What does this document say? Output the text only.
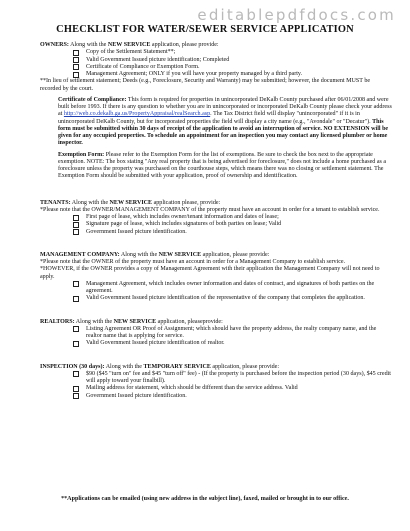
editablepdfdocs.com
CHECKLIST FOR WATER/SEWER SERVICE APPLICATION

OWNERS: Along with the NEW SERVICE application, please provide:

Copy of the Settlement Statement**;
Valid Government Issued picture identification; Completed
Certificate of Compliance or Exemption Form.
Management Agreement; ONLY if you will have your property managed by a third party.

**In lieu of settlement statement; Deeds (e.g., Foreclosure, Security and Warranty) may be submitted; however, the document MUST be recorded by the court.

Certificate of Compliance: This form is required for properties in unincorporated DeKalb County purchased after 06/01/2008 and were built before 1993. If there is any question to whether you are in unincorporated or incorporated DeKalb County please check your address at http://web.co.dekalb.ga.us/PropertyAppraisal/realSearch.asp. The Tax District field will display "unincorporated" if it is in unincorporated DeKalb County, but for incorporated properties the field will display a city name (e.g., "Avondale" or "Decatur"). This form must be submitted within 30 days of receipt of the application to avoid an interruption of service. NO EXTENSION will be given for any occupied properties. To schedule an appointment for an inspection you may contact any licensed plumber or home inspector.

Exemption Form: Please refer to the Exemption Form for the list of exemptions. Be sure to check the box next to the appropriate exemption. NOTE: The box stating "Any real property that is being advertised for foreclosure," does not include a home purchased as a foreclosure unless the property was purchased on the courthouse steps, which means there was no closing or settlement statement. The Exemption Form should be submitted with your application, proof of ownership and identification.

TENANTS: Along with the NEW SERVICE application please, provide:

*Please note that the OWNER/MANAGEMENT COMPANY of the property must have an account in order for a tenant to establish service.

First page of lease, which includes owner/tenant information and dates of lease;
Signature page of lease, which includes signatures of both parties on lease; Valid
Government Issued picture identification.

MANAGEMENT COMPANY: Along with the NEW SERVICE application, please provide:

*Please note that the OWNER of the property must have an account in order for a Management Company to establish service.

*HOWEVER, if the OWNER provides a copy of Management Agreement with their application the Management Company will not need to apply.

Management Agreement, which includes owner information and dates of contract, and signatures of both parties on the agreement.
Valid Government Issued picture identification of the representative of the company that completes the application.

REALTORS: Along with the NEW SERVICE application, pleaseprovide:

Listing Agreement OR Proof of Assignment; which should have the property address, the realty company name, and the realtor name that is applying for service.
Valid Government Issued picture identification of realtor.

INSPECTION (30 days): Along with the TEMPORARY SERVICE application, please provide:

$90 ($45 "turn on" fee and $45 "turn off" fee) - (If the property is purchased before the inspection period (30 days), $45 credit will apply toward your finalbill).
Mailing address for statement, which should be different than the service address. Valid
Government Issued picture identification.
**Applications can be emailed (using new address in the subject line), faxed, mailed or brought in to our office.
